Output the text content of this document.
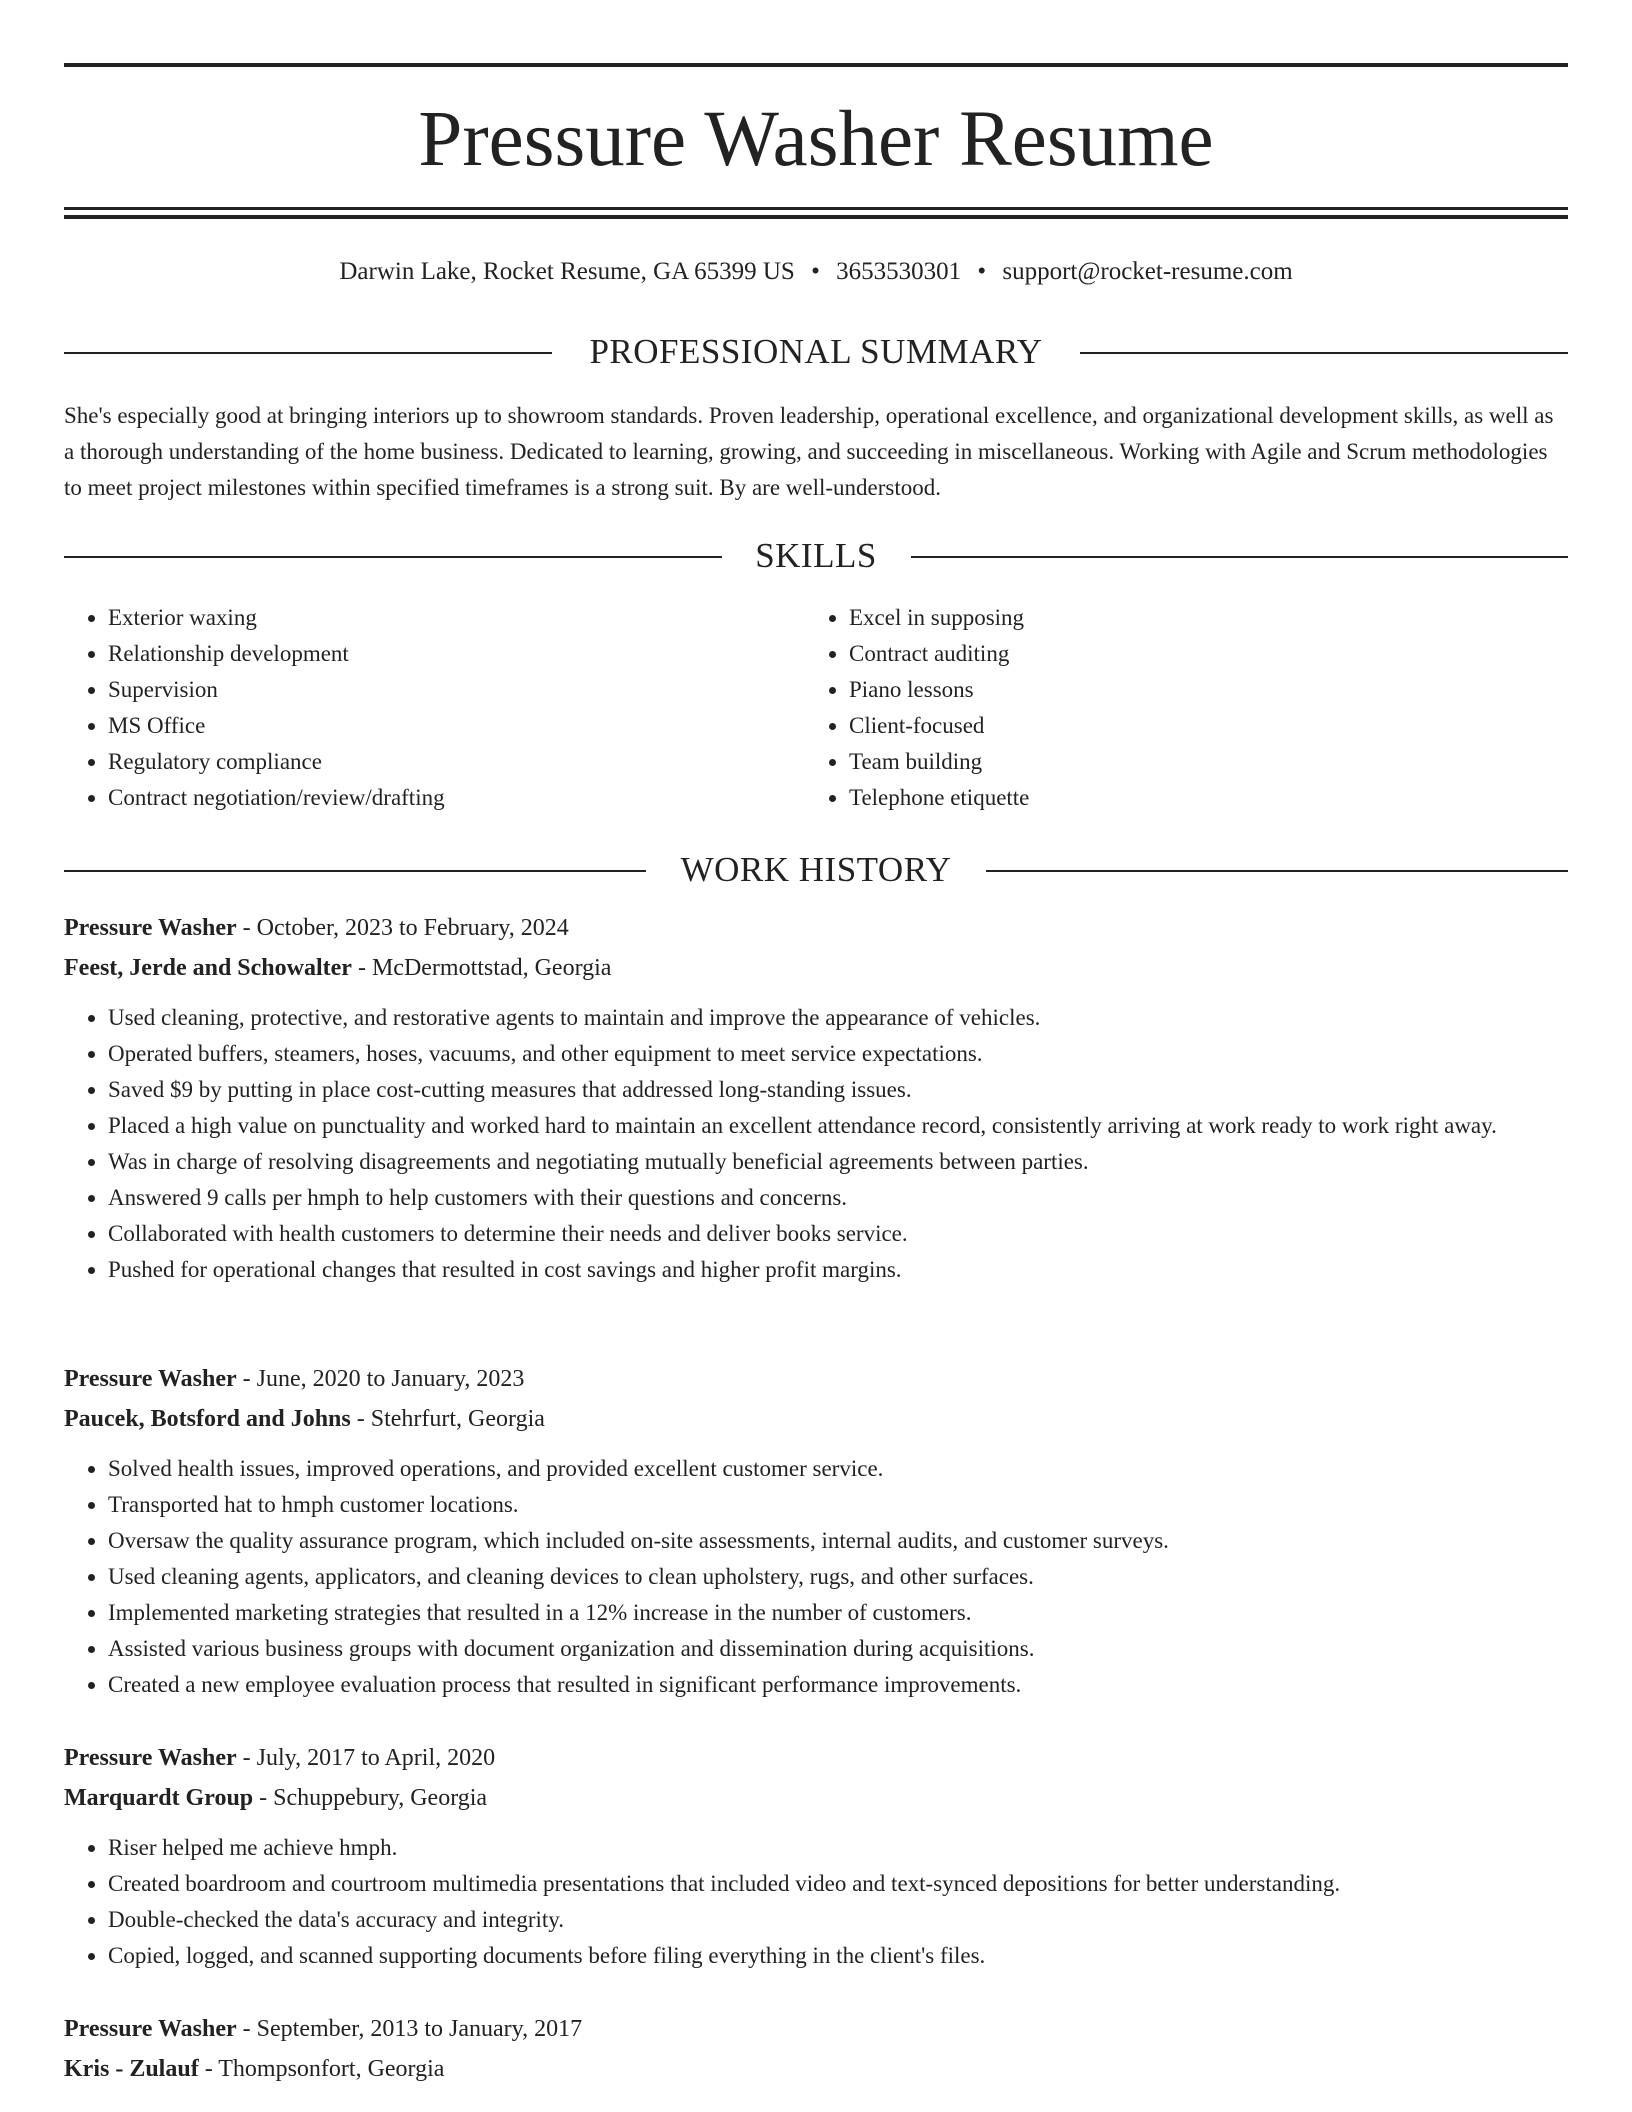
Pressure Washer Resume
Darwin Lake, Rocket Resume, GA 65399 US • 3653530301 • support@rocket-resume.com
PROFESSIONAL SUMMARY

She's especially good at bringing interiors up to showroom standards. Proven leadership, operational excellence, and organizational development skills, as well as a thorough understanding of the home business. Dedicated to learning, growing, and succeeding in miscellaneous. Working with Agile and Scrum methodologies to meet project milestones within specified timeframes is a strong suit. By are well-understood.

SKILLS
• Exterior waxing
• Relationship development
• Supervision
• MS Office
• Regulatory compliance
• Contract negotiation/review/drafting
• Excel in supposing
• Contract auditing
• Piano lessons
• Client-focused
• Team building
• Telephone etiquette
WORK HISTORY
Pressure Washer - October, 2023 to February, 2024
Feest, Jerde and Schowalter - McDermottstad, Georgia
• Used cleaning, protective, and restorative agents to maintain and improve the appearance of vehicles.
• Operated buffers, steamers, hoses, vacuums, and other equipment to meet service expectations.
• Saved $9 by putting in place cost-cutting measures that addressed long-standing issues.
• Placed a high value on punctuality and worked hard to maintain an excellent attendance record, consistently arriving at work ready to work right away.
• Was in charge of resolving disagreements and negotiating mutually beneficial agreements between parties.
• Answered 9 calls per hmph to help customers with their questions and concerns.
• Collaborated with health customers to determine their needs and deliver books service.
• Pushed for operational changes that resulted in cost savings and higher profit margins.
Pressure Washer - June, 2020 to January, 2023
Paucek, Botsford and Johns - Stehrfurt, Georgia
• Solved health issues, improved operations, and provided excellent customer service.
• Transported hat to hmph customer locations.
• Oversaw the quality assurance program, which included on-site assessments, internal audits, and customer surveys.
• Used cleaning agents, applicators, and cleaning devices to clean upholstery, rugs, and other surfaces.
• Implemented marketing strategies that resulted in a 12% increase in the number of customers.
• Assisted various business groups with document organization and dissemination during acquisitions.
• Created a new employee evaluation process that resulted in significant performance improvements.
Pressure Washer - July, 2017 to April, 2020
Marquardt Group - Schuppebury, Georgia
• Riser helped me achieve hmph.
• Created boardroom and courtroom multimedia presentations that included video and text-synced depositions for better understanding.
• Double-checked the data's accuracy and integrity.
• Copied, logged, and scanned supporting documents before filing everything in the client's files.
Pressure Washer - September, 2013 to January, 2017
Kris - Zulauf - Thompsonfort, Georgia
